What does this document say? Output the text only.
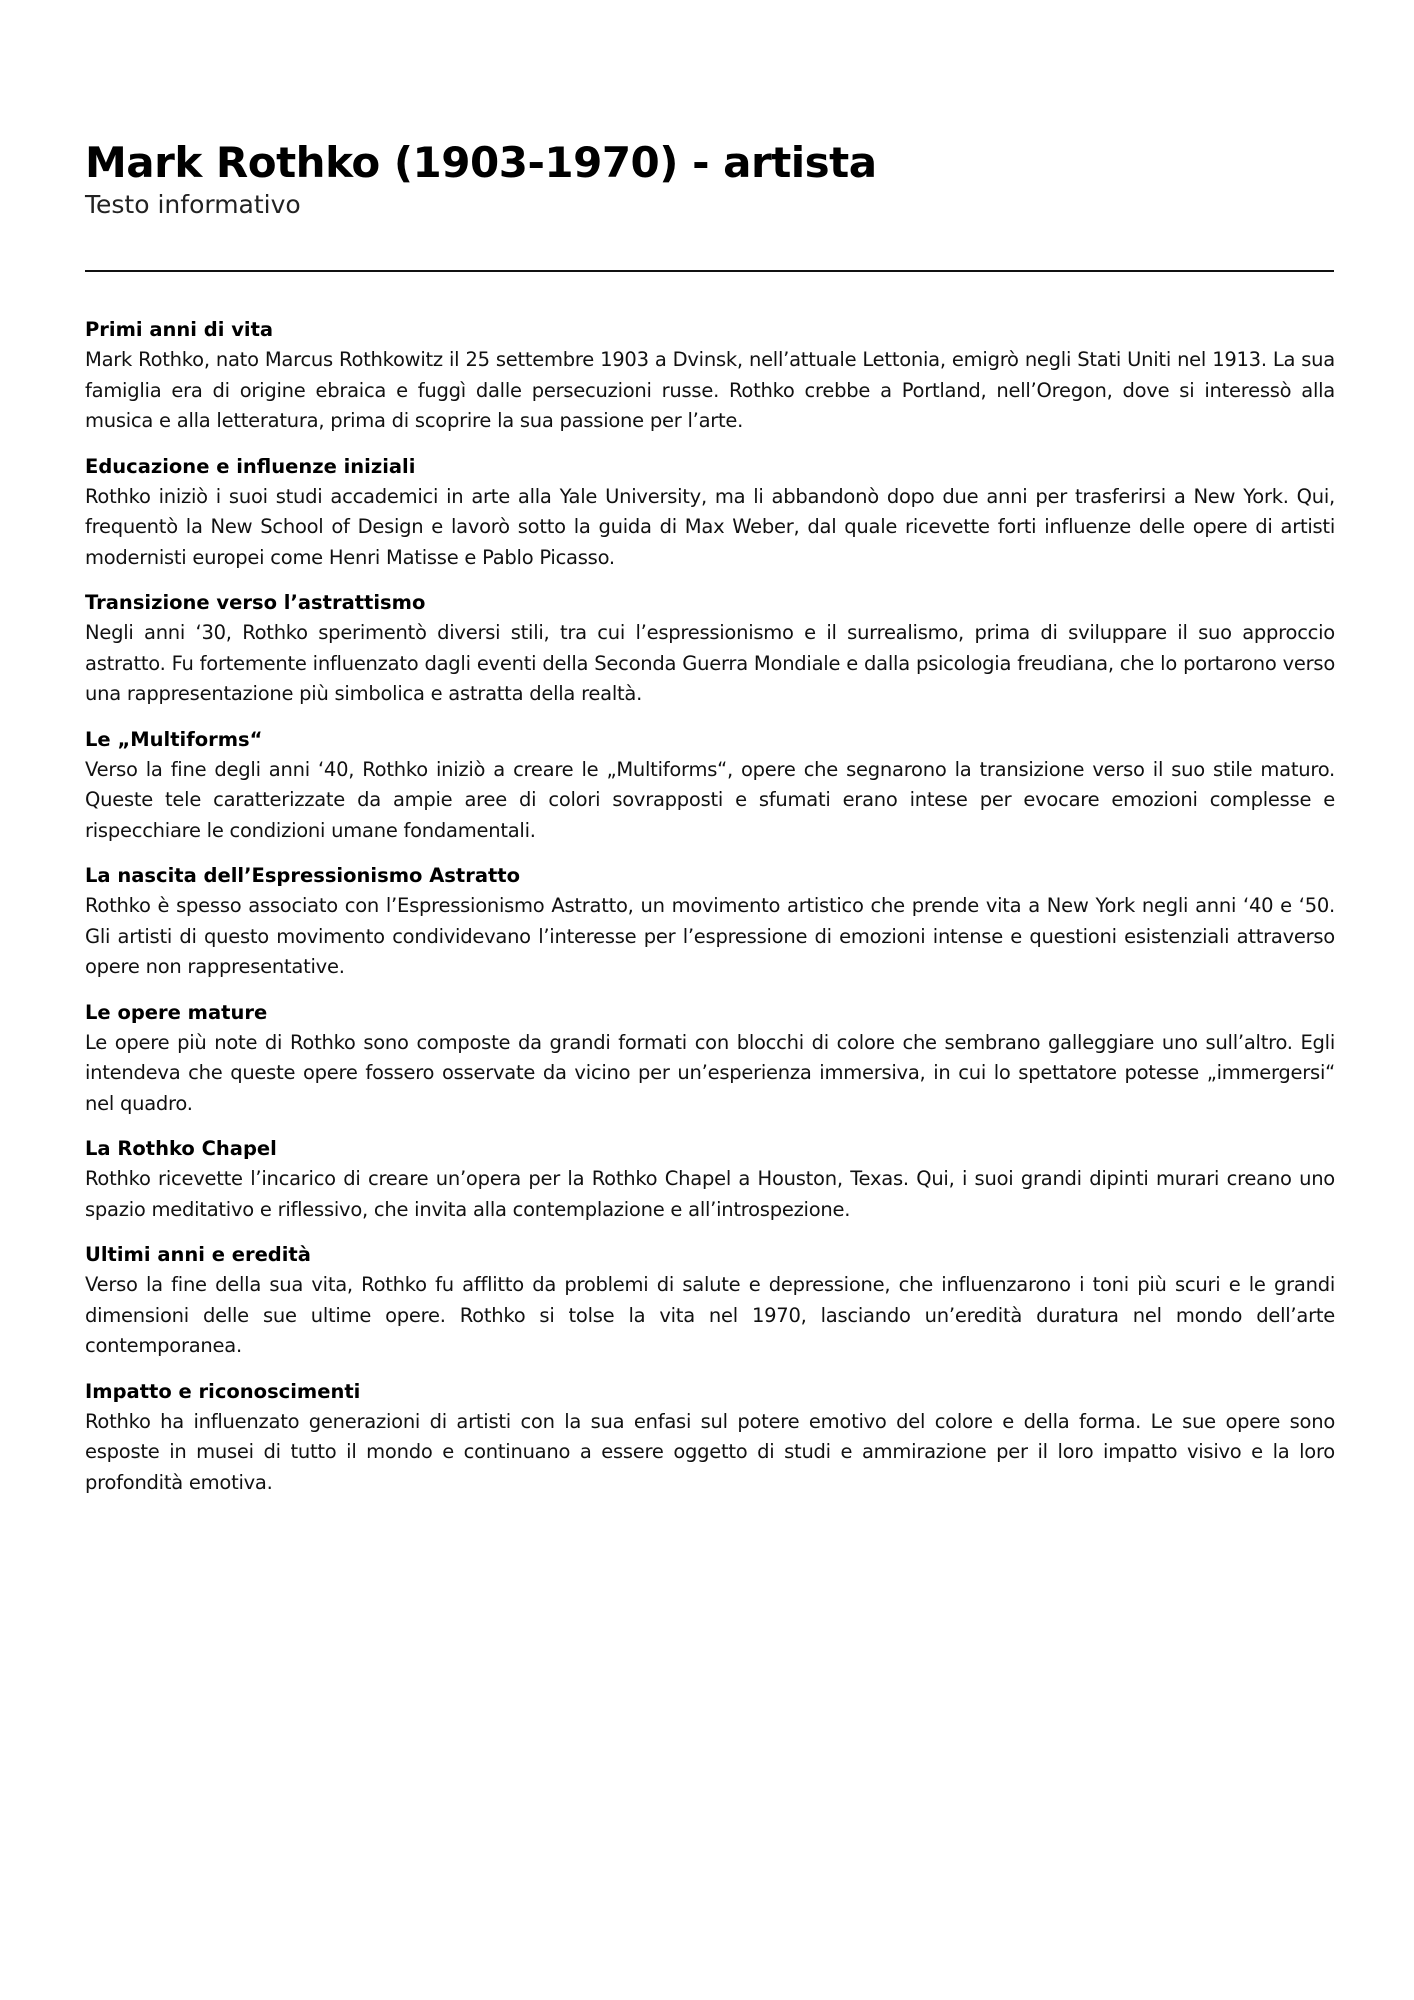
Mark Rothko (1903-1970) - artista

Testo informativo

Primi anni di vita

Mark Rothko, nato Marcus Rothkowitz il 25 settembre 1903 a Dvinsk, nell’attuale Lettonia, emigrò negli Stati Uniti nel 1913. La sua famiglia era di origine ebraica e fuggì dalle persecuzioni russe. Rothko crebbe a Portland, nell’Oregon, dove si interessò alla musica e alla letteratura, prima di scoprire la sua passione per l’arte.

Educazione e influenze iniziali

Rothko iniziò i suoi studi accademici in arte alla Yale University, ma li abbandonò dopo due anni per trasferirsi a New York. Qui, frequentò la New School of Design e lavorò sotto la guida di Max Weber, dal quale ricevette forti influenze delle opere di artisti modernisti europei come Henri Matisse e Pablo Picasso.

Transizione verso l’astrattismo

Negli anni ‘30, Rothko sperimentò diversi stili, tra cui l’espressionismo e il surrealismo, prima di sviluppare il suo approccio astratto. Fu fortemente influenzato dagli eventi della Seconda Guerra Mondiale e dalla psicologia freudiana, che lo portarono verso una rappresentazione più simbolica e astratta della realtà.

Le „Multiforms“

Verso la fine degli anni ‘40, Rothko iniziò a creare le „Multiforms“, opere che segnarono la transizione verso il suo stile maturo. Queste tele caratterizzate da ampie aree di colori sovrapposti e sfumati erano intese per evocare emozioni complesse e rispecchiare le condizioni umane fondamentali.

La nascita dell’Espressionismo Astratto

Rothko è spesso associato con l’Espressionismo Astratto, un movimento artistico che prende vita a New York negli anni ‘40 e ‘50. Gli artisti di questo movimento condividevano l’interesse per l’espressione di emozioni intense e questioni esistenziali attraverso opere non rappresentative.

Le opere mature

Le opere più note di Rothko sono composte da grandi formati con blocchi di colore che sembrano galleggiare uno sull’altro. Egli intendeva che queste opere fossero osservate da vicino per un’esperienza immersiva, in cui lo spettatore potesse „immergersi“ nel quadro.

La Rothko Chapel

Rothko ricevette l’incarico di creare un’opera per la Rothko Chapel a Houston, Texas. Qui, i suoi grandi dipinti murari creano uno spazio meditativo e riflessivo, che invita alla contemplazione e all’introspezione.

Ultimi anni e eredità

Verso la fine della sua vita, Rothko fu afflitto da problemi di salute e depressione, che influenzarono i toni più scuri e le grandi dimensioni delle sue ultime opere. Rothko si tolse la vita nel 1970, lasciando un’eredità duratura nel mondo dell’arte contemporanea.

Impatto e riconoscimenti

Rothko ha influenzato generazioni di artisti con la sua enfasi sul potere emotivo del colore e della forma. Le sue opere sono esposte in musei di tutto il mondo e continuano a essere oggetto di studi e ammirazione per il loro impatto visivo e la loro profondità emotiva.
